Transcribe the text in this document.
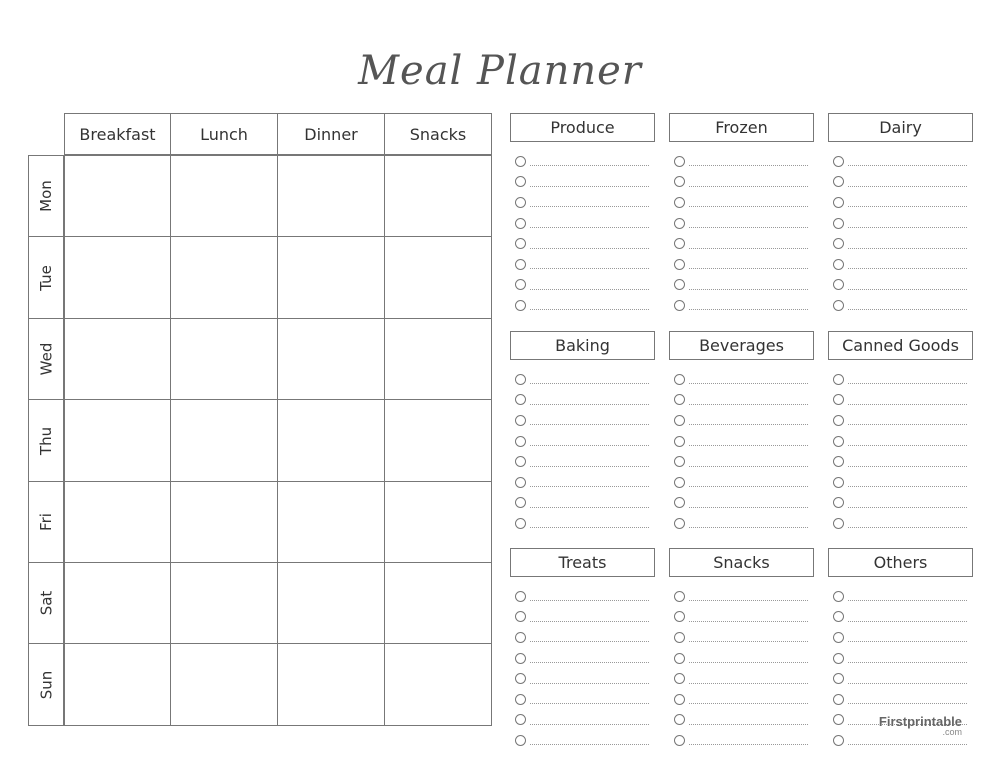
Meal Planner
Breakfast	Lunch	Dinner	Snacks
Mon
Tue
Wed
Thu
Fri
Sat
Sun
Produce	Frozen	Dairy
Baking	Beverages	Canned Goods
Treats	Snacks	Others
Firstprintable
.com
